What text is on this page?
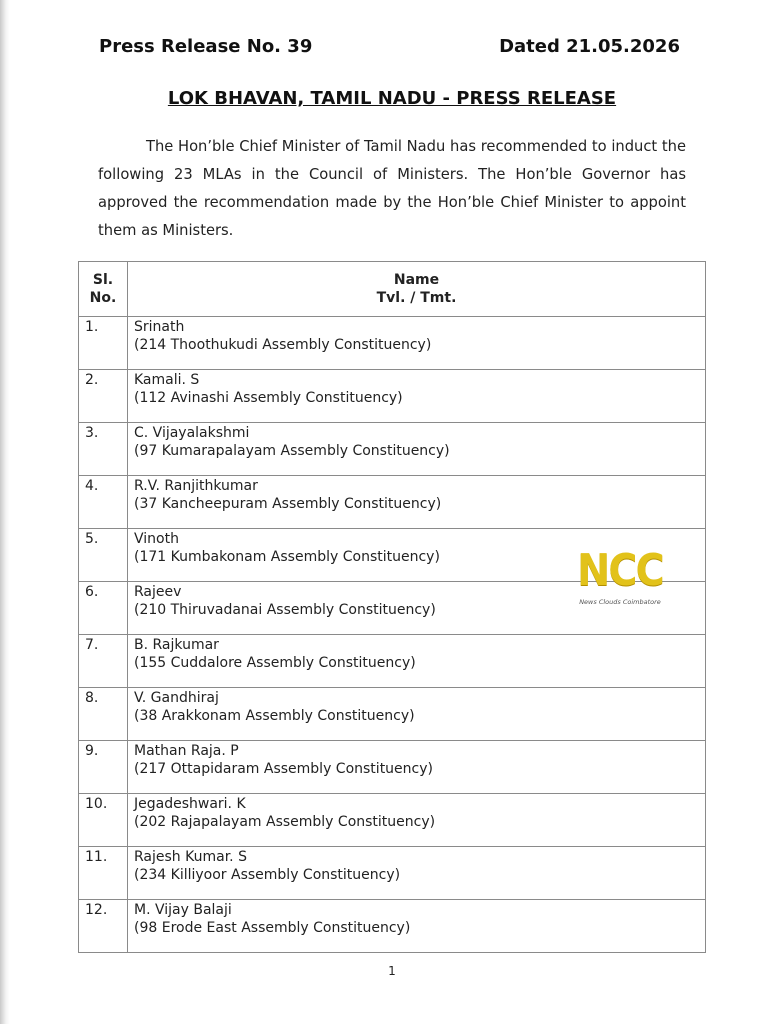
Press Release No. 39	Dated 21.05.2026
LOK BHAVAN, TAMIL NADU - PRESS RELEASE

The Hon’ble Chief Minister of Tamil Nadu has recommended to induct the following 23 MLAs in the Council of Ministers. The Hon’ble Governor has approved the recommendation made by the Hon’ble Chief Minister to appoint them as Ministers.

Sl.
No.	Name
Tvl. / Tmt.

1.	Srinath
(214 Thoothukudi Assembly Constituency)

2.	Kamali. S
(112 Avinashi Assembly Constituency)

3.	C. Vijayalakshmi
(97 Kumarapalayam Assembly Constituency)

4.	R.V. Ranjithkumar
(37 Kancheepuram Assembly Constituency)

5.	Vinoth
(171 Kumbakonam Assembly Constituency)

6.	Rajeev
(210 Thiruvadanai Assembly Constituency)

7.	B. Rajkumar
(155 Cuddalore Assembly Constituency)

8.	V. Gandhiraj
(38 Arakkonam Assembly Constituency)

9.	Mathan Raja. P
(217 Ottapidaram Assembly Constituency)

10.	Jegadeshwari. K
(202 Rajapalayam Assembly Constituency)

11.	Rajesh Kumar. S
(234 Killiyoor Assembly Constituency)

12.	M. Vijay Balaji
(98 Erode East Assembly Constituency)
NCC
News Clouds Coimbatore
1
